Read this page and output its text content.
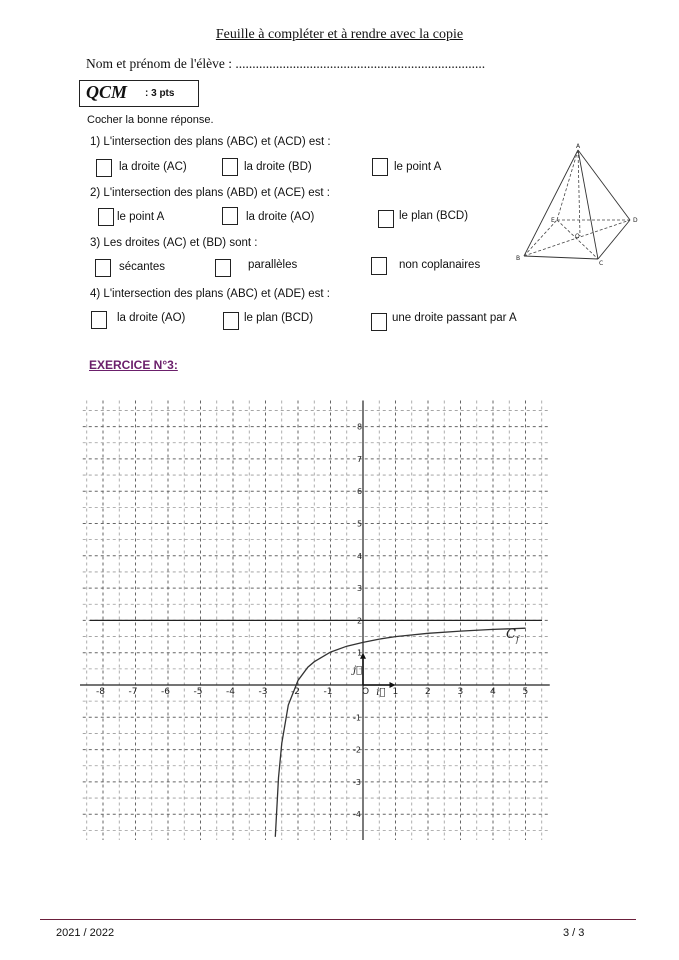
Feuille à compléter et à rendre avec la copie
Nom et prénom de l'élève : ..........................................................................
QCM : 3 pts
Cocher la bonne réponse.
1) L'intersection des plans (ABC) et (ACD) est :
la droite (AC)	la droite (BD)	le point A
2) L'intersection des plans (ABD) et (ACE) est :
le point A	la droite (AO)	le plan (BCD)
3) Les droites (AC) et (BD) sont :
sécantes	parallèles	non coplanaires
4) L'intersection des plans (ABC) et (ADE) est :
la droite (AO)	le plan (BCD)	une droite passant par A
A
B
C
D
E
O
EXERCICE N°3:
-8	-7	-6	-5	-4	-3	-2	-1	1	2	3	4	5
-4
-3
-2
-1
1
2
3
4
5
6
7
8
O i⃗
j⃗
$C_f$
2021 / 2022	3 / 3
